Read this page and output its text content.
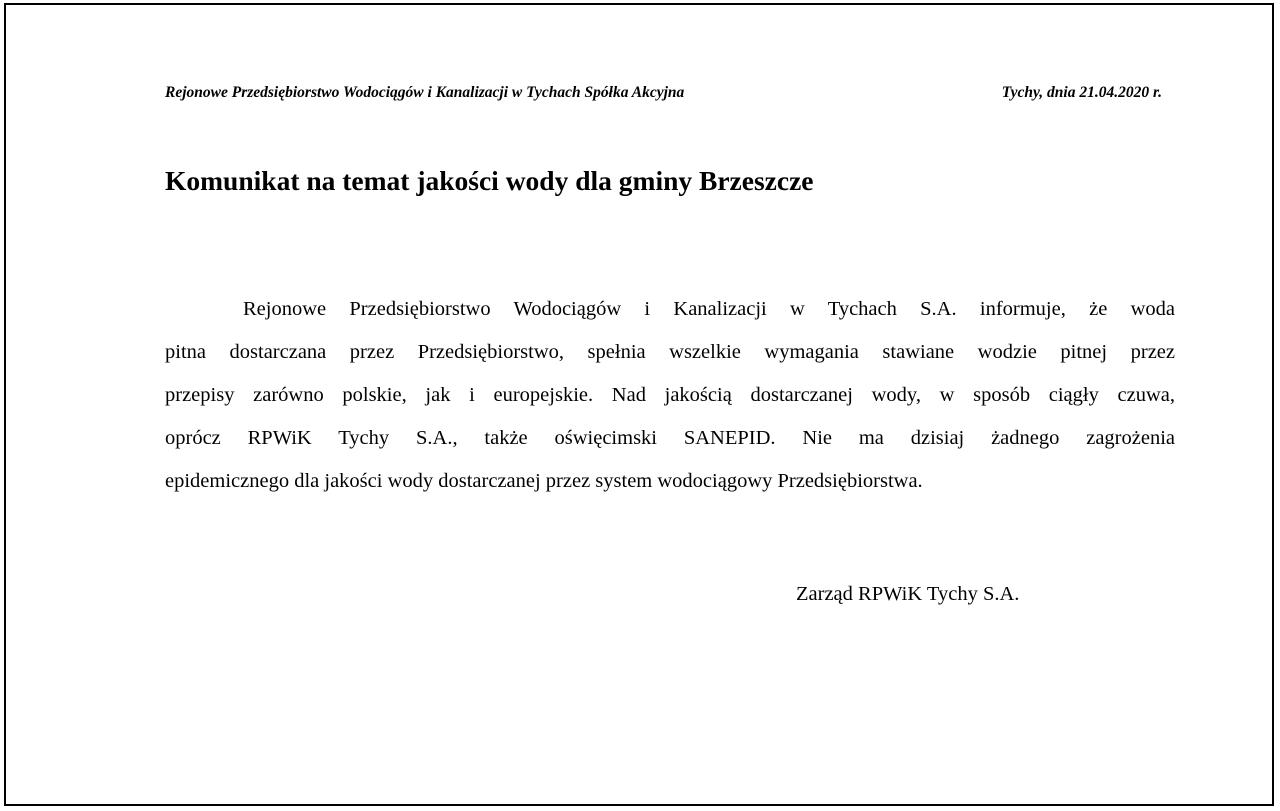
Rejonowe Przedsiębiorstwo Wodociągów i Kanalizacji w Tychach Spółka Akcyjna	Tychy, dnia 21.04.2020 r.
Komunikat na temat jakości wody dla gminy Brzeszcze
Rejonowe Przedsiębiorstwo Wodociągów i Kanalizacji w Tychach S.A. informuje, że woda
pitna dostarczana przez Przedsiębiorstwo, spełnia wszelkie wymagania stawiane wodzie pitnej przez
przepisy zarówno polskie, jak i europejskie. Nad jakością dostarczanej wody, w sposób ciągły czuwa,
oprócz RPWiK Tychy S.A., także oświęcimski SANEPID. Nie ma dzisiaj żadnego zagrożenia
epidemicznego dla jakości wody dostarczanej przez system wodociągowy Przedsiębiorstwa.
Zarząd RPWiK Tychy S.A.
